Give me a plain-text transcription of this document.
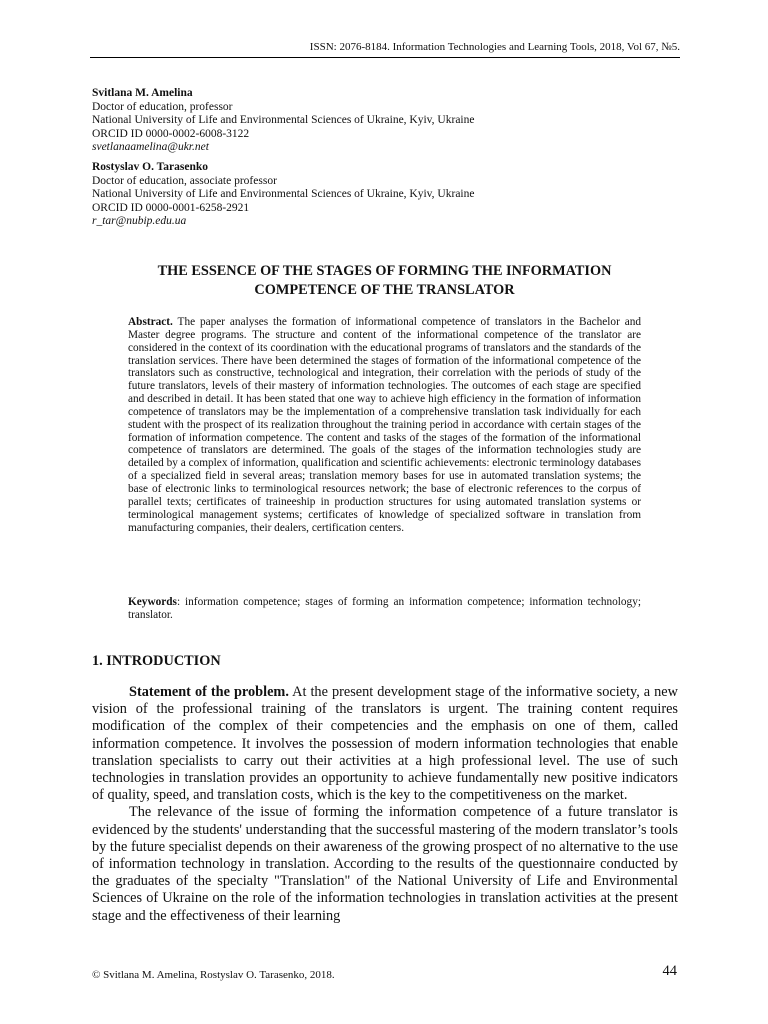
ISSN: 2076-8184. Information Technologies and Learning Tools, 2018, Vol 67, №5.
Svitlana M. Amelina
Doctor of education, professor
National University of Life and Environmental Sciences of Ukraine, Kyiv, Ukraine
ORCID ID 0000-0002-6008-3122
svetlanaamelina@ukr.net
Rostyslav O. Tarasenko
Doctor of education, associate professor
National University of Life and Environmental Sciences of Ukraine, Kyiv, Ukraine
ORCID ID 0000-0001-6258-2921
r_tar@nubip.edu.ua
THE ESSENCE OF THE STAGES OF FORMING THE INFORMATION
COMPETENCE OF THE TRANSLATOR
Abstract. The paper analyses the formation of informational competence of translators in the Bachelor and Master degree programs. The structure and content of the informational competence of the translator are considered in the context of its coordination with the educational programs of translators and the standards of the translation services. There have been determined the stages of formation of the informational competence of the translators such as constructive, technological and integration, their correlation with the periods of study of the future translators, levels of their mastery of information technologies. The outcomes of each stage are specified and described in detail. It has been stated that one way to achieve high efficiency in the formation of information competence of translators may be the implementation of a comprehensive translation task individually for each student with the prospect of its realization throughout the training period in accordance with certain stages of the formation of information competence. The content and tasks of the stages of the formation of the informational competence of translators are determined. The goals of the stages of the information technologies study are detailed by a complex of information, qualification and scientific achievements: electronic terminology databases of a specialized field in several areas; translation memory bases for use in automated translation systems; the base of electronic links to terminological resources network; the base of electronic references to the corpus of parallel texts; certificates of traineeship in production structures for using automated translation systems or terminological management systems; certificates of knowledge of specialized software in translation from manufacturing companies, their dealers, certification centers.
Keywords: information competence; stages of forming an information competence; information technology; translator.
1. INTRODUCTION

Statement of the problem. At the present development stage of the informative society, a new vision of the professional training of the translators is urgent. The training content requires modification of the complex of their competencies and the emphasis on one of them, called information competence. It involves the possession of modern information technologies that enable translation specialists to carry out their activities at a high professional level. The use of such technologies in translation provides an opportunity to achieve fundamentally new positive indicators of quality, speed, and translation costs, which is the key to the competitiveness on the market.

The relevance of the issue of forming the information competence of a future translator is evidenced by the students' understanding that the successful mastering of the modern translator’s tools by the future specialist depends on their awareness of the growing prospect of no alternative to the use of information technology in translation. According to the results of the questionnaire conducted by the graduates of the specialty "Translation" of the National University of Life and Environmental Sciences of Ukraine on the role of the information technologies in translation activities at the present stage and the effectiveness of their learning

© Svitlana M. Amelina, Rostyslav O. Tarasenko, 2018.	44
